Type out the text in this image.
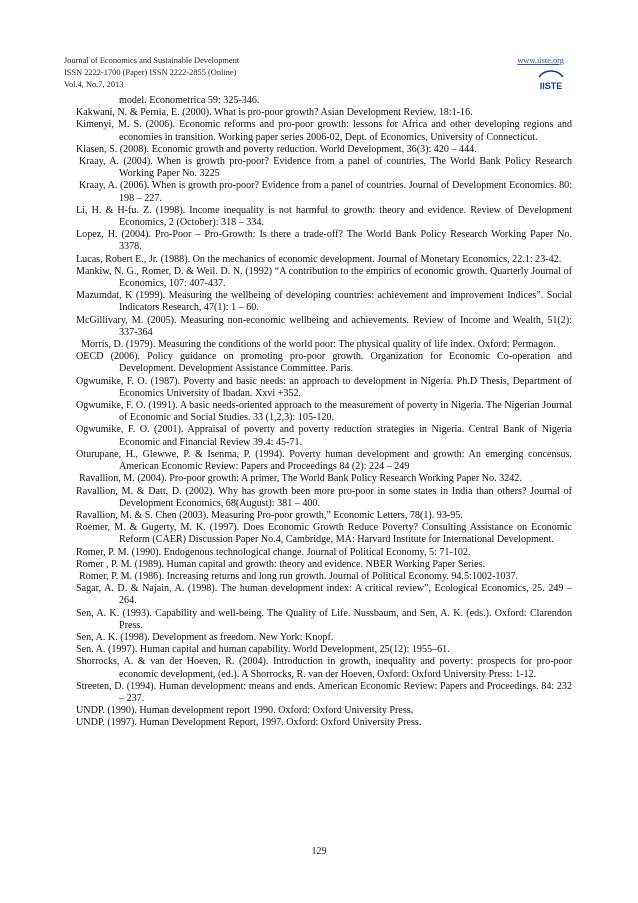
Journal of Economics and Sustainable Development
ISSN 2222-1700 (Paper) ISSN 2222-2855 (Online)
Vol.4, No.7, 2013
www.iiste.org
IISTE

model. Econometrica 59: 325-346.

Kakwani, N. & Pernia, E. (2000). What is pro-poor growth? Asian Development Review, 18:1-16.

Kimenyi, M. S. (2006). Economic reforms and pro-poor growth: lessons for Africa and other developing regions and economies in transition. Working paper series 2006-02, Dept. of Economics, University of Connecticut.

Klasen, S. (2008). Economic growth and poverty reduction. World Development, 36(3): 420 – 444.

Kraay, A. (2004). When is growth pro-poor? Evidence from a panel of countries, The World Bank Policy Research Working Paper No. 3225

Kraay, A. (2006). When is growth pro-poor? Evidence from a panel of countries. Journal of Development Economics. 80: 198 – 227.

Li, H. & H-fu. Z. (1998). Income inequality is not harmful to growth: theory and evidence. Review of Development Economics, 2 (October): 318 – 334.

Lopez, H. (2004). Pro-Poor – Pro-Growth: Is there a trade-off? The World Bank Policy Research Working Paper No. 3378.

Lucas, Robert E., Jr. (1988). On the mechanics of economic development. Journal of Monetary Economics, 22.1: 23-42.

Mankiw, N. G., Romer, D. & Weil. D. N. (1992) “A contribution to the empirics of economic growth. Quarterly Journal of Economics, 107: 407-437.

Mazumdat, K (1999). Measuring the wellbeing of developing countries: achievement and improvement Indices”. Social Indicators Research, 47(1): 1 – 60.

McGillivary, M. (2005). Measuring non-economic wellbeing and achievements. Review of Income and Wealth, 51(2): 337-364

Morris, D. (1979). Measuring the conditions of the world poor: The physical quality of life index. Oxford: Permagon.

OECD (2006). Policy guidance on promoting pro-poor growth. Organization for Economic Co-operation and Development. Development Assistance Committee. Paris.

Ogwumike, F. O. (1987). Poverty and basic needs: an approach to development in Nigeria. Ph.D Thesis, Department of Economics University of Ibadan. Xxvi +352.

Ogwumike, F. O. (1991). A basic needs-oriented approach to the measurement of poverty in Nigeria. The Nigerian Journal of Economic and Social Studies. 33 (1,2,3): 105-120.

Ogwumike, F. O. (2001). Appraisal of poverty and poverty reduction strategies in Nigeria. Central Bank of Nigeria Economic and Financial Review 39.4: 45-71.

Oturupane, H., Glewwe, P. & Isenma, P. (1994). Poverty human development and growth: An emerging concensus. American Economic Review: Papers and Proceedings 84 (2): 224 – 249

Ravallion, M. (2004). Pro-poor growth: A primer, The World Bank Policy Research Working Paper No. 3242.

Ravallion, M. & Datt, D. (2002). Why has growth been more pro-poor in some states in India than others? Journal of Development Economics, 68(August): 381 – 400.

Ravallion, M. & S. Chen (2003). Measuring Pro-poor growth,” Economic Letters, 78(1). 93-95.

Roemer, M. & Gugerty, M. K. (1997). Does Economic Growth Reduce Poverty? Consulting Assistance on Economic Reform (CAER) Discussion Paper No.4, Cambridge, MA: Harvard Institute for International Development.

Romer, P. M. (1990). Endogenous technological change. Journal of Political Economy, 5: 71-102.

Romer , P. M. (1989). Human capital and growth: theory and evidence. NBER Working Paper Series.

Romer, P. M. (1986). Increasing returns and long run growth. Journal of Political Economy. 94.5:1002-1037.

Sagar, A. D. & Najain, A. (1998). The human development index: A critical review”, Ecological Economics, 25. 249 – 264.

Sen, A. K. (1993). Capability and well-being. The Quality of Life. Nussbaum, and Sen, A. K. (eds.). Oxford: Clarendon Press.

Sen, A. K. (1998). Development as freedom. New York: Knopf.

Sen. A. (1997). Human capital and human capability. World Development, 25(12): 1955–61.

Shorrocks, A. & van der Hoeven, R. (2004). Introduction in growth, inequality and poverty: prospects for pro-poor economic development, (ed.). A Shorrocks, R. van der Hoeven, Oxford: Oxford University Press: 1-12.

Streeten, D. (1994). Human development: means and ends. American Economic Review: Papers and Proceedings. 84: 232 – 237.

UNDP. (1990). Human development report 1990. Oxford: Oxford University Press.

UNDP. (1997). Human Development Report, 1997. Oxford: Oxford University Press.

129
